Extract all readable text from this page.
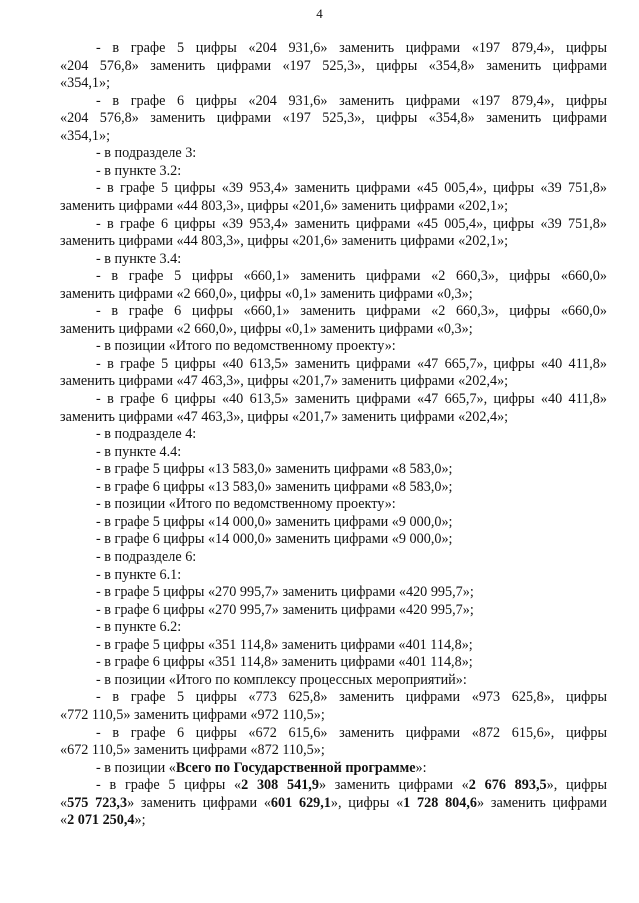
4
- в графе 5 цифры «204 931,6» заменить цифрами «197 879,4», цифры
«204 576,8» заменить цифрами «197 525,3», цифры «354,8» заменить цифрами
«354,1»;
- в графе 6 цифры «204 931,6» заменить цифрами «197 879,4», цифры
«204 576,8» заменить цифрами «197 525,3», цифры «354,8» заменить цифрами
«354,1»;
- в подразделе 3:
- в пункте 3.2:
- в графе 5 цифры «39 953,4» заменить цифрами «45 005,4», цифры «39 751,8»
заменить цифрами «44 803,3», цифры «201,6» заменить цифрами «202,1»;
- в графе 6 цифры «39 953,4» заменить цифрами «45 005,4», цифры «39 751,8»
заменить цифрами «44 803,3», цифры «201,6» заменить цифрами «202,1»;
- в пункте 3.4:
- в графе 5 цифры «660,1» заменить цифрами «2 660,3», цифры «660,0»
заменить цифрами «2 660,0», цифры «0,1» заменить цифрами «0,3»;
- в графе 6 цифры «660,1» заменить цифрами «2 660,3», цифры «660,0»
заменить цифрами «2 660,0», цифры «0,1» заменить цифрами «0,3»;
- в позиции «Итого по ведомственному проекту»:
- в графе 5 цифры «40 613,5» заменить цифрами «47 665,7», цифры «40 411,8»
заменить цифрами «47 463,3», цифры «201,7» заменить цифрами «202,4»;
- в графе 6 цифры «40 613,5» заменить цифрами «47 665,7», цифры «40 411,8»
заменить цифрами «47 463,3», цифры «201,7» заменить цифрами «202,4»;
- в подразделе 4:
- в пункте 4.4:
- в графе 5 цифры «13 583,0» заменить цифрами «8 583,0»;
- в графе 6 цифры «13 583,0» заменить цифрами «8 583,0»;
- в позиции «Итого по ведомственному проекту»:
- в графе 5 цифры «14 000,0» заменить цифрами «9 000,0»;
- в графе 6 цифры «14 000,0» заменить цифрами «9 000,0»;
- в подразделе 6:
- в пункте 6.1:
- в графе 5 цифры «270 995,7» заменить цифрами «420 995,7»;
- в графе 6 цифры «270 995,7» заменить цифрами «420 995,7»;
- в пункте 6.2:
- в графе 5 цифры «351 114,8» заменить цифрами «401 114,8»;
- в графе 6 цифры «351 114,8» заменить цифрами «401 114,8»;
- в позиции «Итого по комплексу процессных мероприятий»:
- в графе 5 цифры «773 625,8» заменить цифрами «973 625,8», цифры
«772 110,5» заменить цифрами «972 110,5»;
- в графе 6 цифры «672 615,6» заменить цифрами «872 615,6», цифры
«672 110,5» заменить цифрами «872 110,5»;
- в позиции «Всего по Государственной программе»:
- в графе 5 цифры «2 308 541,9» заменить цифрами «2 676 893,5», цифры
«575 723,3» заменить цифрами «601 629,1», цифры «1 728 804,6» заменить цифрами
«2 071 250,4»;
